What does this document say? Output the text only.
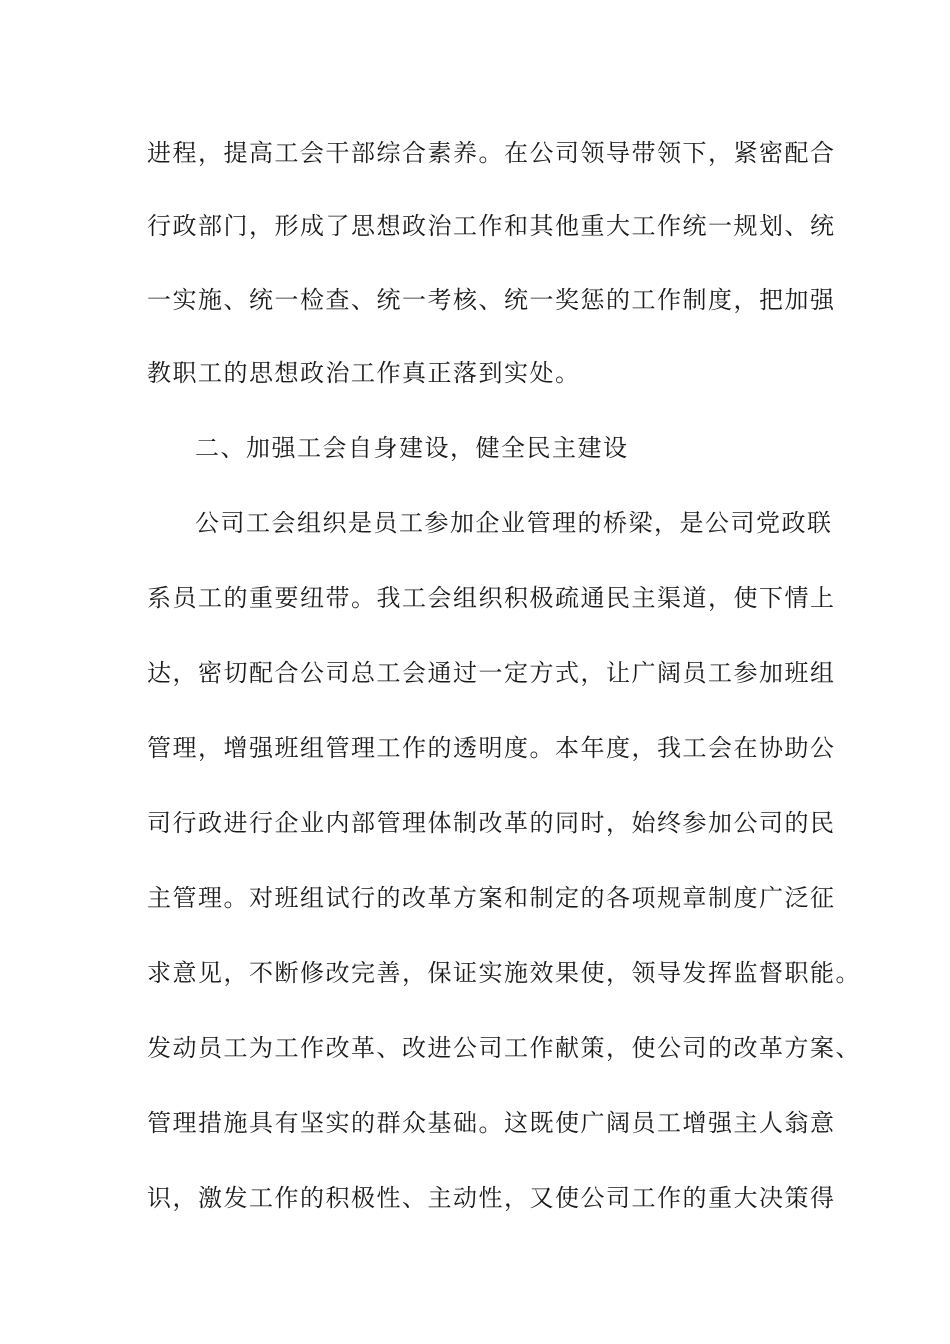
进程，提高工会干部综合素养。在公司领导带领下，紧密配合
行政部门，形成了思想政治工作和其他重大工作统一规划、统
一实施、统一检查、统一考核、统一奖惩的工作制度，把加强
教职工的思想政治工作真正落到实处。
二、加强工会自身建设，健全民主建设
公司工会组织是员工参加企业管理的桥梁，是公司党政联
系员工的重要纽带。我工会组织积极疏通民主渠道，使下情上
达，密切配合公司总工会通过一定方式，让广阔员工参加班组
管理，增强班组管理工作的透明度。本年度，我工会在协助公
司行政进行企业内部管理体制改革的同时，始终参加公司的民
主管理。对班组试行的改革方案和制定的各项规章制度广泛征
求意见，不断修改完善，保证实施效果使，领导发挥监督职能。
发动员工为工作改革、改进公司工作献策，使公司的改革方案、
管理措施具有坚实的群众基础。这既使广阔员工增强主人翁意
识，激发工作的积极性、主动性，又使公司工作的重大决策得
